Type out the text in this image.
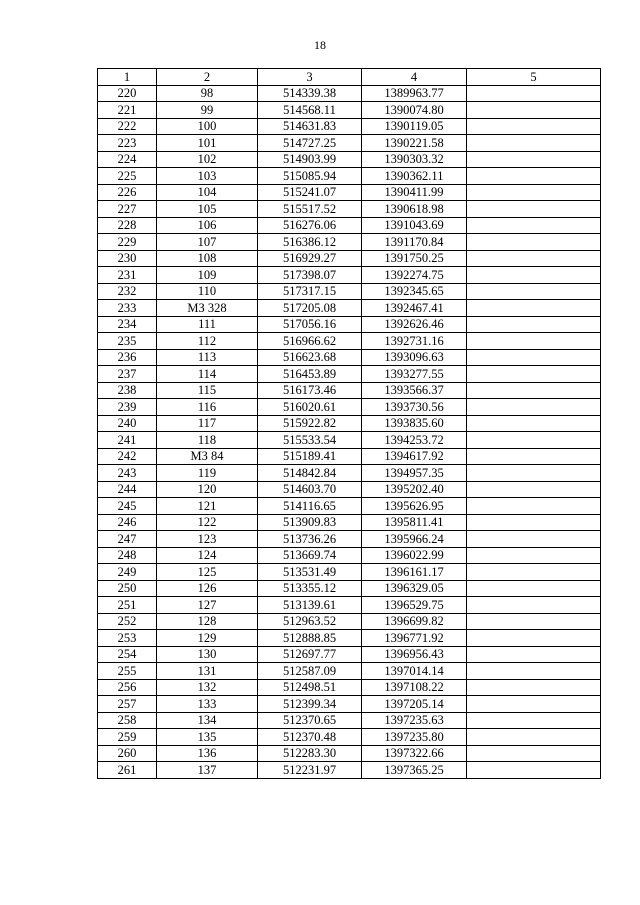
18
1	2	3	4	5
220	98	514339.38	1389963.77	
221	99	514568.11	1390074.80	
222	100	514631.83	1390119.05	
223	101	514727.25	1390221.58	
224	102	514903.99	1390303.32	
225	103	515085.94	1390362.11	
226	104	515241.07	1390411.99	
227	105	515517.52	1390618.98	
228	106	516276.06	1391043.69	
229	107	516386.12	1391170.84	
230	108	516929.27	1391750.25	
231	109	517398.07	1392274.75	
232	110	517317.15	1392345.65	
233	МЗ 328	517205.08	1392467.41	
234	111	517056.16	1392626.46	
235	112	516966.62	1392731.16	
236	113	516623.68	1393096.63	
237	114	516453.89	1393277.55	
238	115	516173.46	1393566.37	
239	116	516020.61	1393730.56	
240	117	515922.82	1393835.60	
241	118	515533.54	1394253.72	
242	МЗ 84	515189.41	1394617.92	
243	119	514842.84	1394957.35	
244	120	514603.70	1395202.40	
245	121	514116.65	1395626.95	
246	122	513909.83	1395811.41	
247	123	513736.26	1395966.24	
248	124	513669.74	1396022.99	
249	125	513531.49	1396161.17	
250	126	513355.12	1396329.05	
251	127	513139.61	1396529.75	
252	128	512963.52	1396699.82	
253	129	512888.85	1396771.92	
254	130	512697.77	1396956.43	
255	131	512587.09	1397014.14	
256	132	512498.51	1397108.22	
257	133	512399.34	1397205.14	
258	134	512370.65	1397235.63	
259	135	512370.48	1397235.80	
260	136	512283.30	1397322.66	
261	137	512231.97	1397365.25	
